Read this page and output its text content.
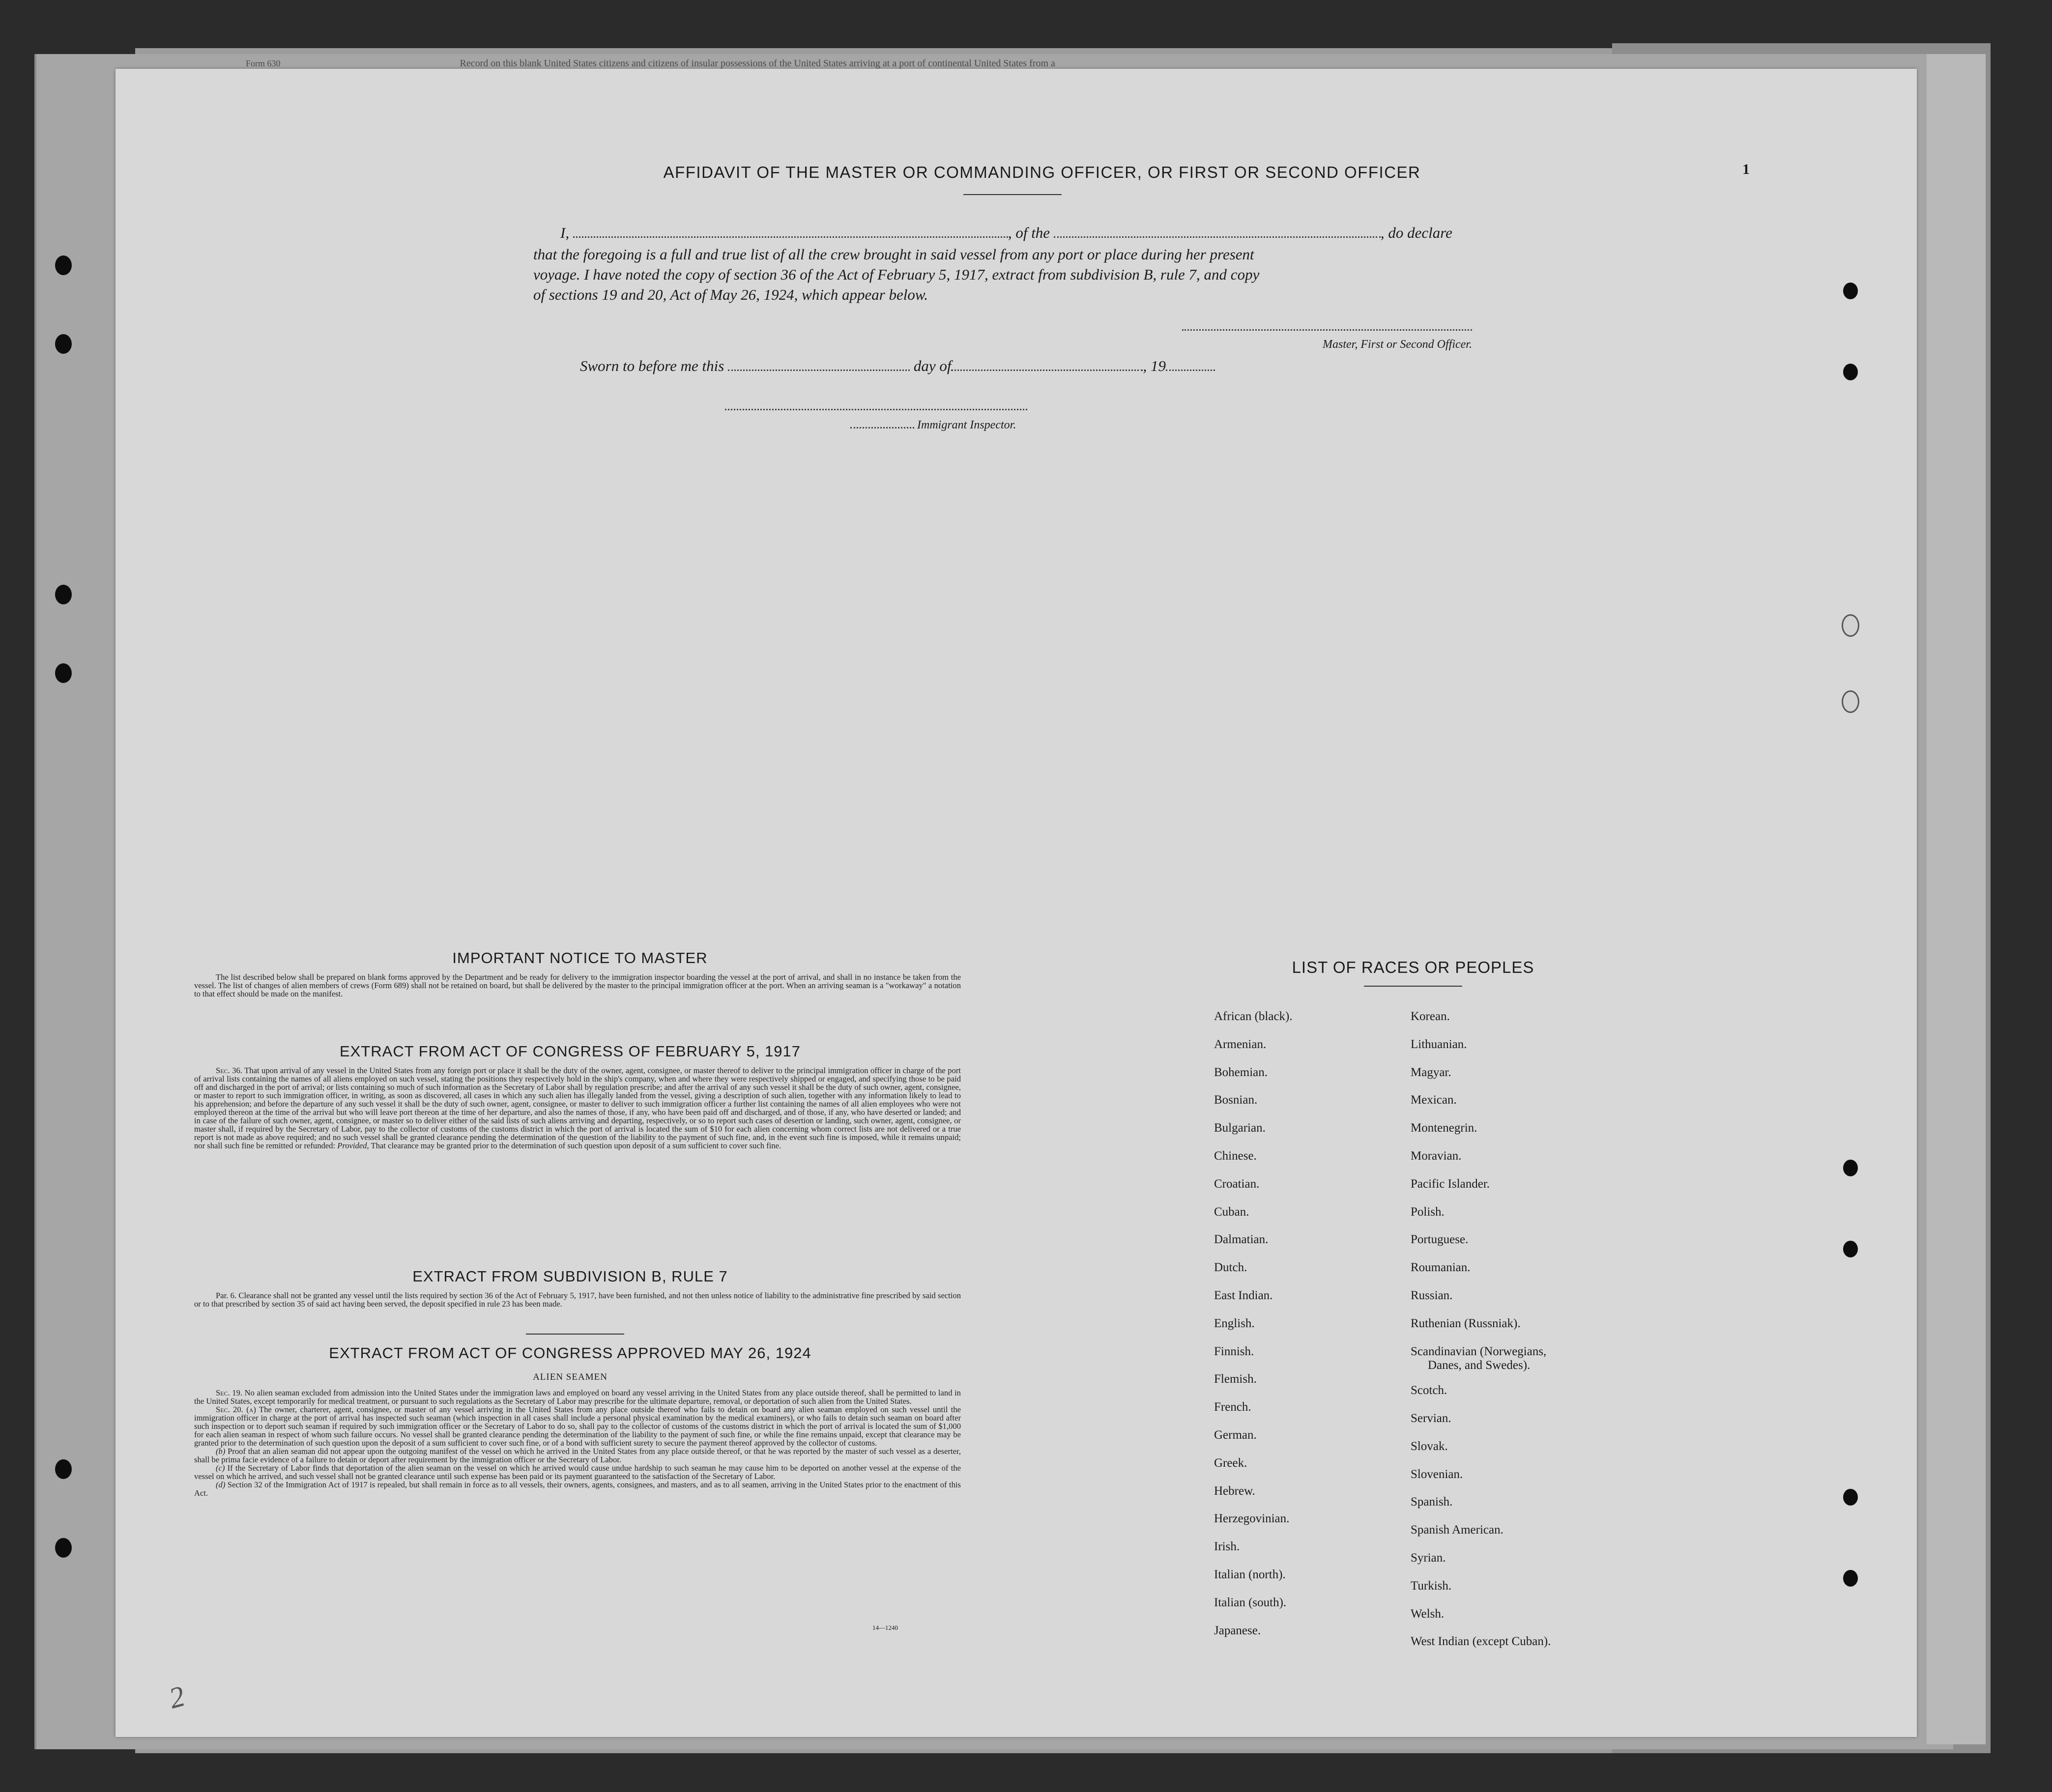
Form 630	Record on this blank United States citizens and citizens of insular possessions of the United States arriving at a port of continental United States from a
AFFIDAVIT OF THE MASTER OR COMMANDING OFFICER, OR FIRST OR SECOND OFFICER	1
I,	, of the	, do declare
that the foregoing is a full and true list of all the crew brought in said vessel from any port or place during her present
voyage. I have noted the copy of section 36 of the Act of February 5, 1917, extract from subdivision B, rule 7, and copy
of sections 19 and 20, Act of May 26, 1924, which appear below.
Master, First or Second Officer.
Sworn to before me this	day of	, 19
Immigrant Inspector.
IMPORTANT NOTICE TO MASTER

The list described below shall be prepared on blank forms approved by the Department and be ready for delivery to the immigration inspector boarding the vessel at the port of arrival, and shall in no instance be taken from the vessel. The list of changes of alien members of crews (Form 689) shall not be retained on board, but shall be delivered by the master to the principal immigration officer at the port. When an arriving seaman is a "workaway" a notation to that effect should be made on the manifest.

EXTRACT FROM ACT OF CONGRESS OF FEBRUARY 5, 1917

Sec. 36. That upon arrival of any vessel in the United States from any foreign port or place it shall be the duty of the owner, agent, consignee, or master thereof to deliver to the principal immigration officer in charge of the port of arrival lists containing the names of all aliens employed on such vessel, stating the positions they respectively hold in the ship's company, when and where they were respectively shipped or engaged, and specifying those to be paid off and discharged in the port of arrival; or lists containing so much of such information as the Secretary of Labor shall by regulation prescribe; and after the arrival of any such vessel it shall be the duty of such owner, agent, consignee, or master to report to such immigration officer, in writing, as soon as discovered, all cases in which any such alien has illegally landed from the vessel, giving a description of such alien, together with any information likely to lead to his apprehension; and before the departure of any such vessel it shall be the duty of such owner, agent, consignee, or master to deliver to such immigration officer a further list containing the names of all alien employees who were not employed thereon at the time of the arrival but who will leave port thereon at the time of her departure, and also the names of those, if any, who have been paid off and discharged, and of those, if any, who have deserted or landed; and in case of the failure of such owner, agent, consignee, or master so to deliver either of the said lists of such aliens arriving and departing, respectively, or so to report such cases of desertion or landing, such owner, agent, consignee, or master shall, if required by the Secretary of Labor, pay to the collector of customs of the customs district in which the port of arrival is located the sum of $10 for each alien concerning whom correct lists are not delivered or a true report is not made as above required; and no such vessel shall be granted clearance pending the determination of the question of the liability to the payment of such fine, and, in the event such fine is imposed, while it remains unpaid; nor shall such fine be remitted or refunded: Provided, That clearance may be granted prior to the determination of such question upon deposit of a sum sufficient to cover such fine.

EXTRACT FROM SUBDIVISION B, RULE 7

Par. 6. Clearance shall not be granted any vessel until the lists required by section 36 of the Act of February 5, 1917, have been furnished, and not then unless notice of liability to the administrative fine prescribed by said section or to that prescribed by section 35 of said act having been served, the deposit specified in rule 23 has been made.

EXTRACT FROM ACT OF CONGRESS APPROVED MAY 26, 1924
ALIEN SEAMEN

Sec. 19. No alien seaman excluded from admission into the United States under the immigration laws and employed on board any vessel arriving in the United States from any place outside thereof, shall be permitted to land in the United States, except temporarily for medical treatment, or pursuant to such regulations as the Secretary of Labor may prescribe for the ultimate departure, removal, or deportation of such alien from the United States.

Sec. 20. (a) The owner, charterer, agent, consignee, or master of any vessel arriving in the United States from any place outside thereof who fails to detain on board any alien seaman employed on such vessel until the immigration officer in charge at the port of arrival has inspected such seaman (which inspection in all cases shall include a personal physical examination by the medical examiners), or who fails to detain such seaman on board after such inspection or to deport such seaman if required by such immigration officer or the Secretary of Labor to do so, shall pay to the collector of customs of the customs district in which the port of arrival is located the sum of $1,000 for each alien seaman in respect of whom such failure occurs. No vessel shall be granted clearance pending the determination of the liability to the payment of such fine, or while the fine remains unpaid, except that clearance may be granted prior to the determination of such question upon the deposit of a sum sufficient to cover such fine, or of a bond with sufficient surety to secure the payment thereof approved by the collector of customs.

(b) Proof that an alien seaman did not appear upon the outgoing manifest of the vessel on which he arrived in the United States from any place outside thereof, or that he was reported by the master of such vessel as a deserter, shall be prima facie evidence of a failure to detain or deport after requirement by the immigration officer or the Secretary of Labor.

(c) If the Secretary of Labor finds that deportation of the alien seaman on the vessel on which he arrived would cause undue hardship to such seaman he may cause him to be deported on another vessel at the expense of the vessel on which he arrived, and such vessel shall not be granted clearance until such expense has been paid or its payment guaranteed to the satisfaction of the Secretary of Labor.

(d) Section 32 of the Immigration Act of 1917 is repealed, but shall remain in force as to all vessels, their owners, agents, consignees, and masters, and as to all seamen, arriving in the United States prior to the enactment of this Act.

14—1240
LIST OF RACES OR PEOPLES
2
African (black).
Armenian.
Bohemian.
Bosnian.
Bulgarian.
Chinese.
Croatian.
Cuban.
Dalmatian.
Dutch.
East Indian.
English.
Finnish.
Flemish.
French.
German.
Greek.
Hebrew.
Herzegovinian.
Irish.
Italian (north).
Italian (south).
Japanese.
Korean.
Lithuanian.
Magyar.
Mexican.
Montenegrin.
Moravian.
Pacific Islander.
Polish.
Portuguese.
Roumanian.
Russian.
Ruthenian (Russniak).
Scandinavian (Norwegians,
Danes, and Swedes).
Scotch.
Servian.
Slovak.
Slovenian.
Spanish.
Spanish American.
Syrian.
Turkish.
Welsh.
West Indian (except Cuban).
